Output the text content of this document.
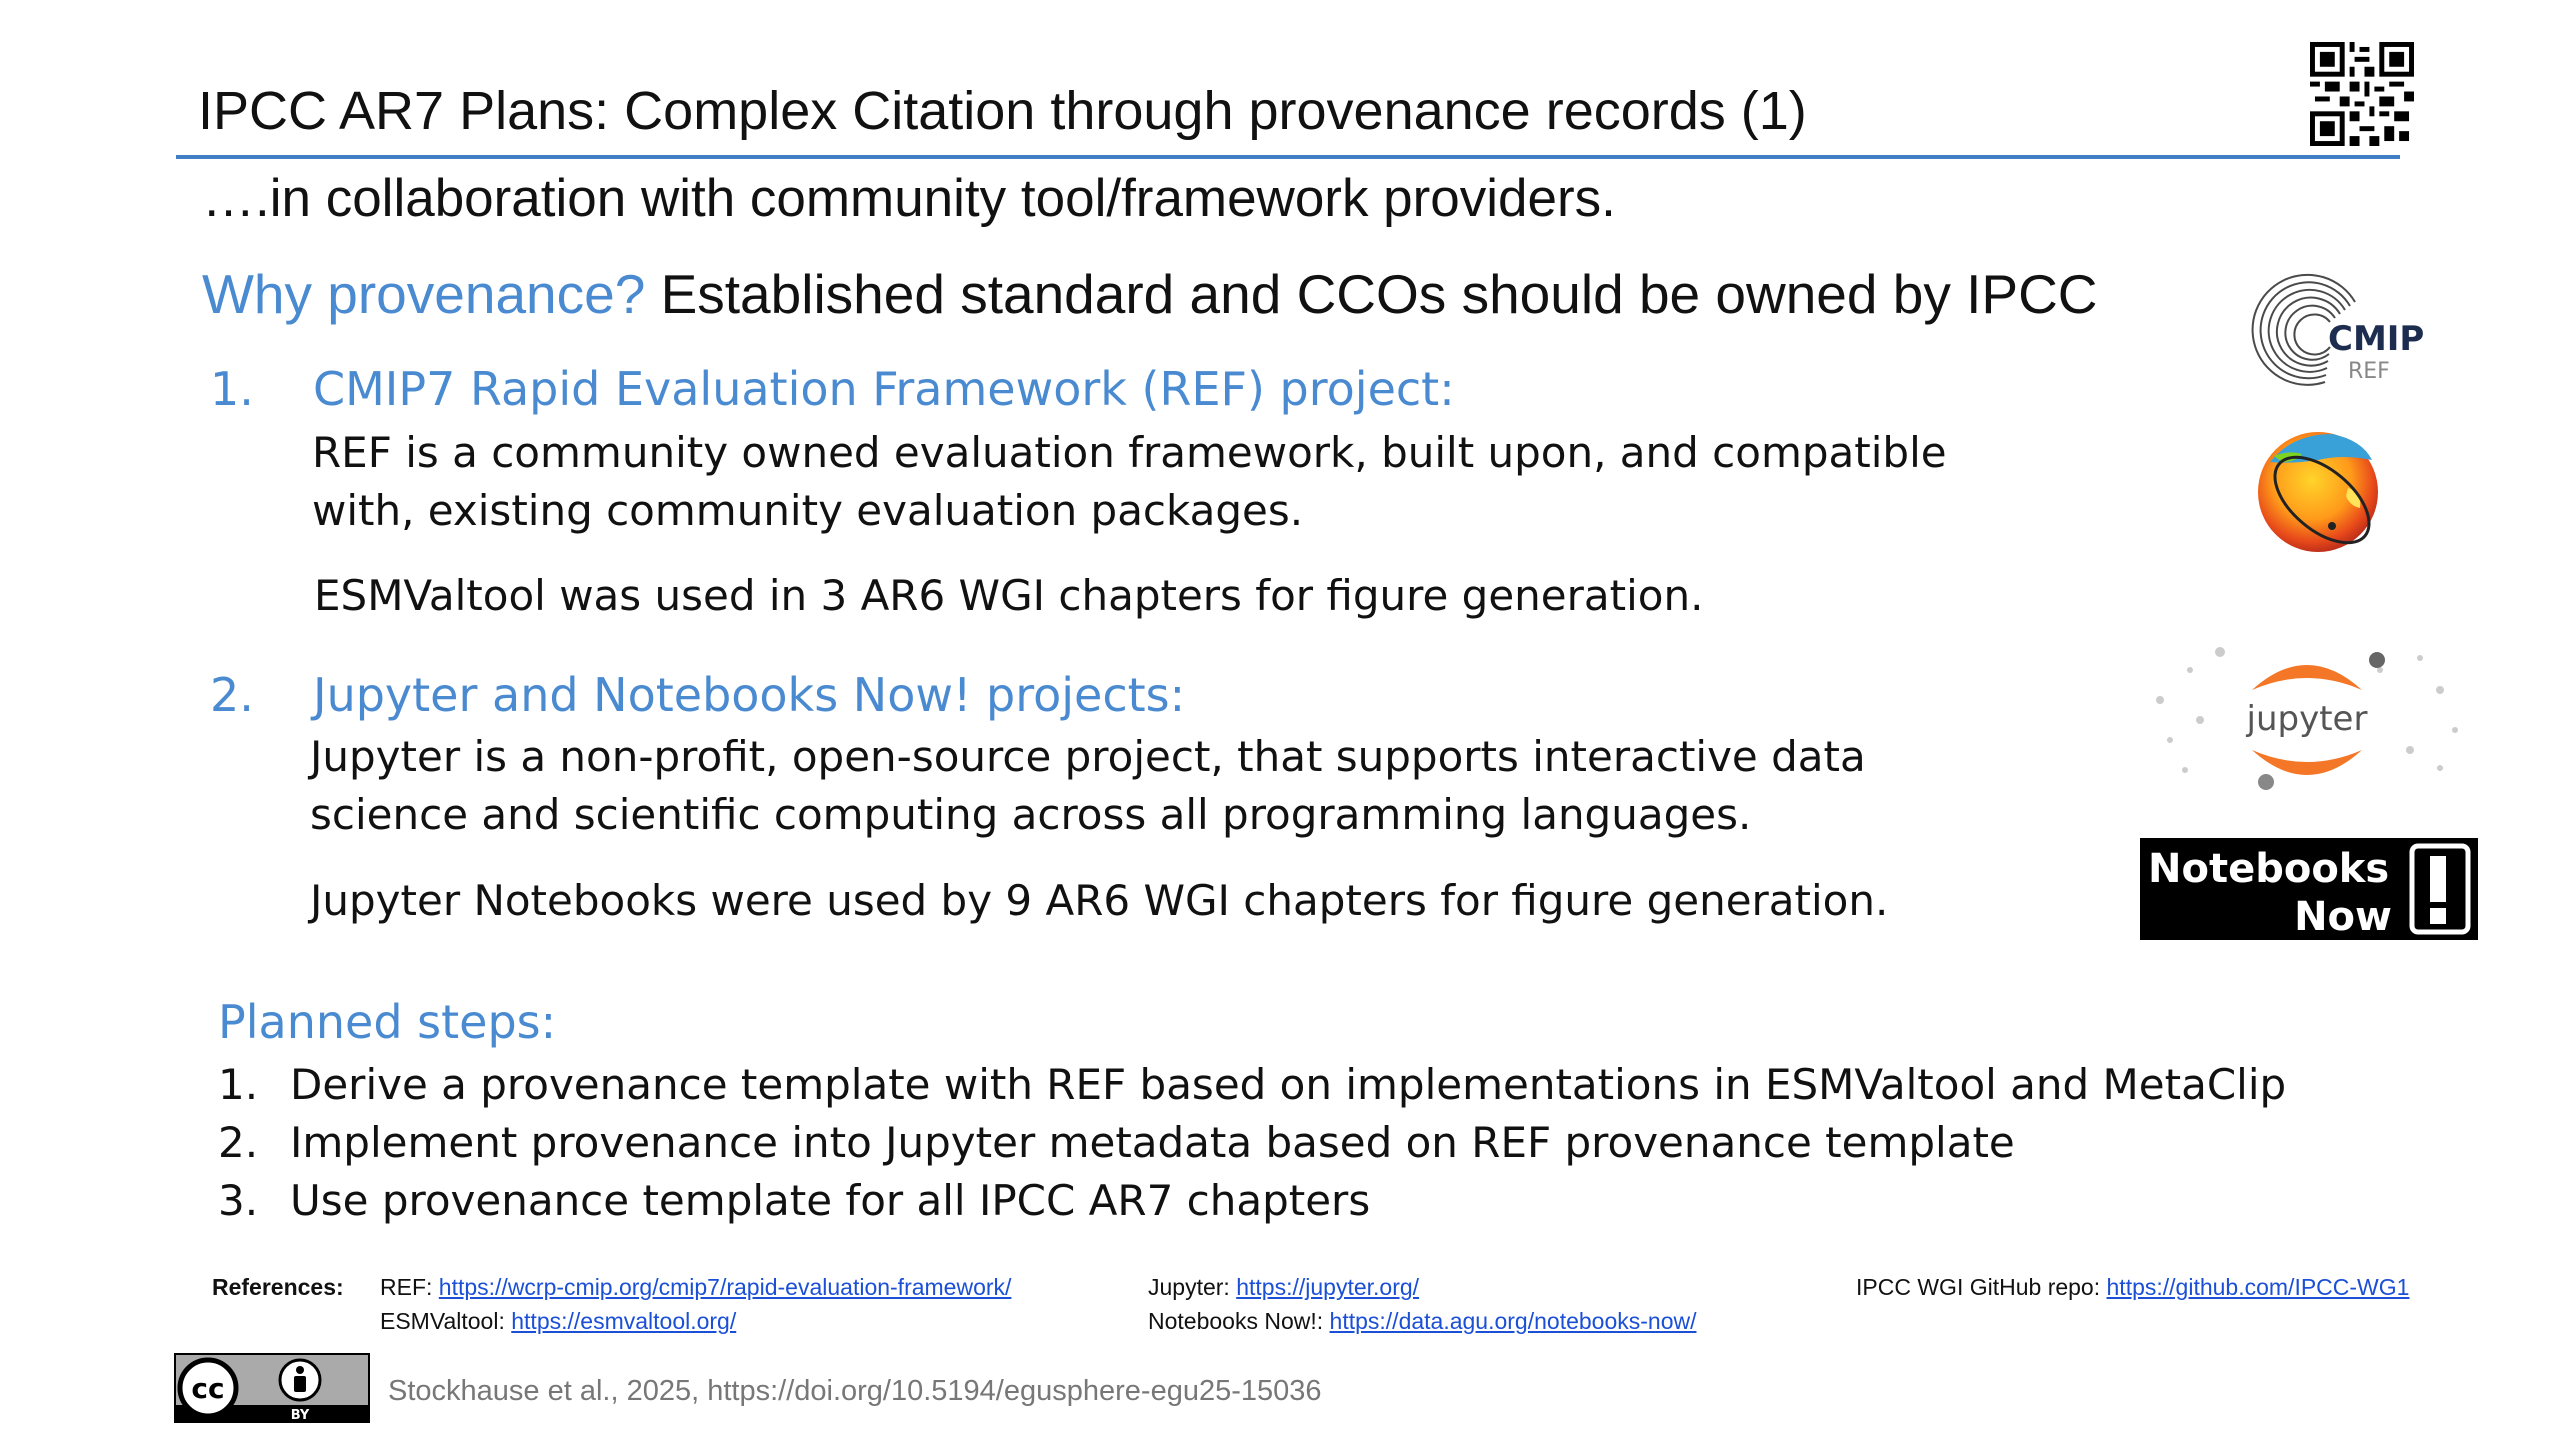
IPCC AR7 Plans: Complex Citation through provenance records (1)
….in collaboration with community tool/framework providers.
Why provenance? Established standard and CCOs should be owned by IPCC
1. CMIP7 Rapid Evaluation Framework (REF) project:
REF is a community owned evaluation framework, built upon, and compatible with, existing community evaluation packages.
ESMValtool was used in 3 AR6 WGI chapters for figure generation.
2. Jupyter and Notebooks Now! projects:
Jupyter is a non-profit, open-source project, that supports interactive data science and scientific computing across all programming languages.
Jupyter Notebooks were used by 9 AR6 WGI chapters for figure generation.
Planned steps:
1. Derive a provenance template with REF based on implementations in ESMValtool and MetaClip
2. Implement provenance into Jupyter metadata based on REF provenance template
3. Use provenance template for all IPCC AR7 chapters
References: REF: https://wcrp-cmip.org/cmip7/rapid-evaluation-framework/
ESMValtool: https://esmvaltool.org/
Jupyter: https://jupyter.org/
Notebooks Now!: https://data.agu.org/notebooks-now/
IPCC WGI GitHub repo: https://github.com/IPCC-WG1
cc
BY
Stockhause et al., 2025, https://doi.org/10.5194/egusphere-egu25-15036
CMIP
REF
jupyter
Notebooks
Now
